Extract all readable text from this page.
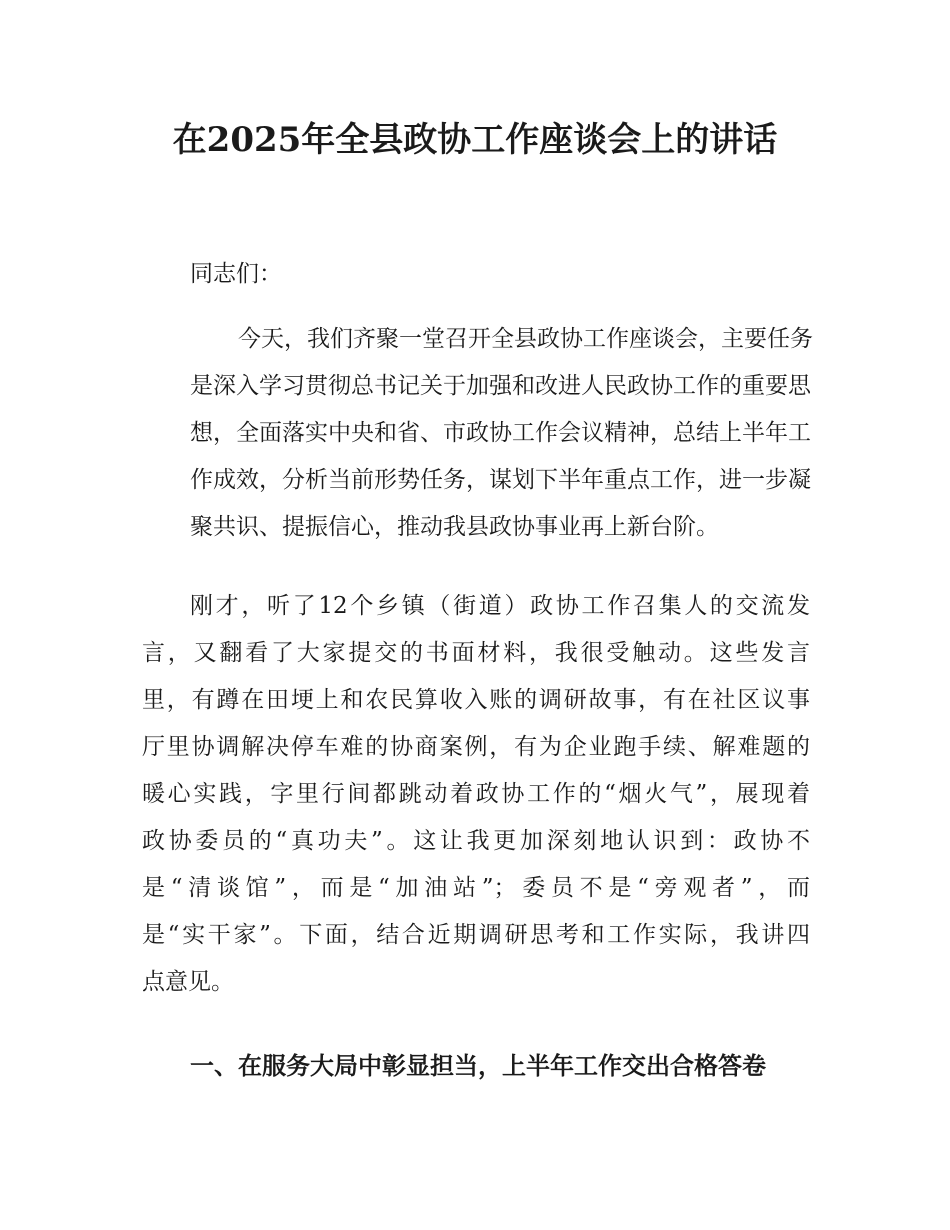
在2025年全县政协工作座谈会上的讲话
同志们：
今天，我们齐聚一堂召开全县政协工作座谈会，主要任务
是深入学习贯彻总书记关于加强和改进人民政协工作的重要思
想，全面落实中央和省、市政协工作会议精神，总结上半年工
作成效，分析当前形势任务，谋划下半年重点工作，进一步凝
聚共识、提振信心，推动我县政协事业再上新台阶。
刚才，听了12个乡镇（街道）政协工作召集人的交流发
言，又翻看了大家提交的书面材料，我很受触动。这些发言
里，有蹲在田埂上和农民算收入账的调研故事，有在社区议事
厅里协调解决停车难的协商案例，有为企业跑手续、解难题的
暖心实践，字里行间都跳动着政协工作的“烟火气”，展现着
政协委员的“真功夫”。这让我更加深刻地认识到：政协不
是“清谈馆”，而是“加油站”；委员不是“旁观者”，而
是“实干家”。下面，结合近期调研思考和工作实际，我讲四
点意见。
一、在服务大局中彰显担当，上半年工作交出合格答卷
